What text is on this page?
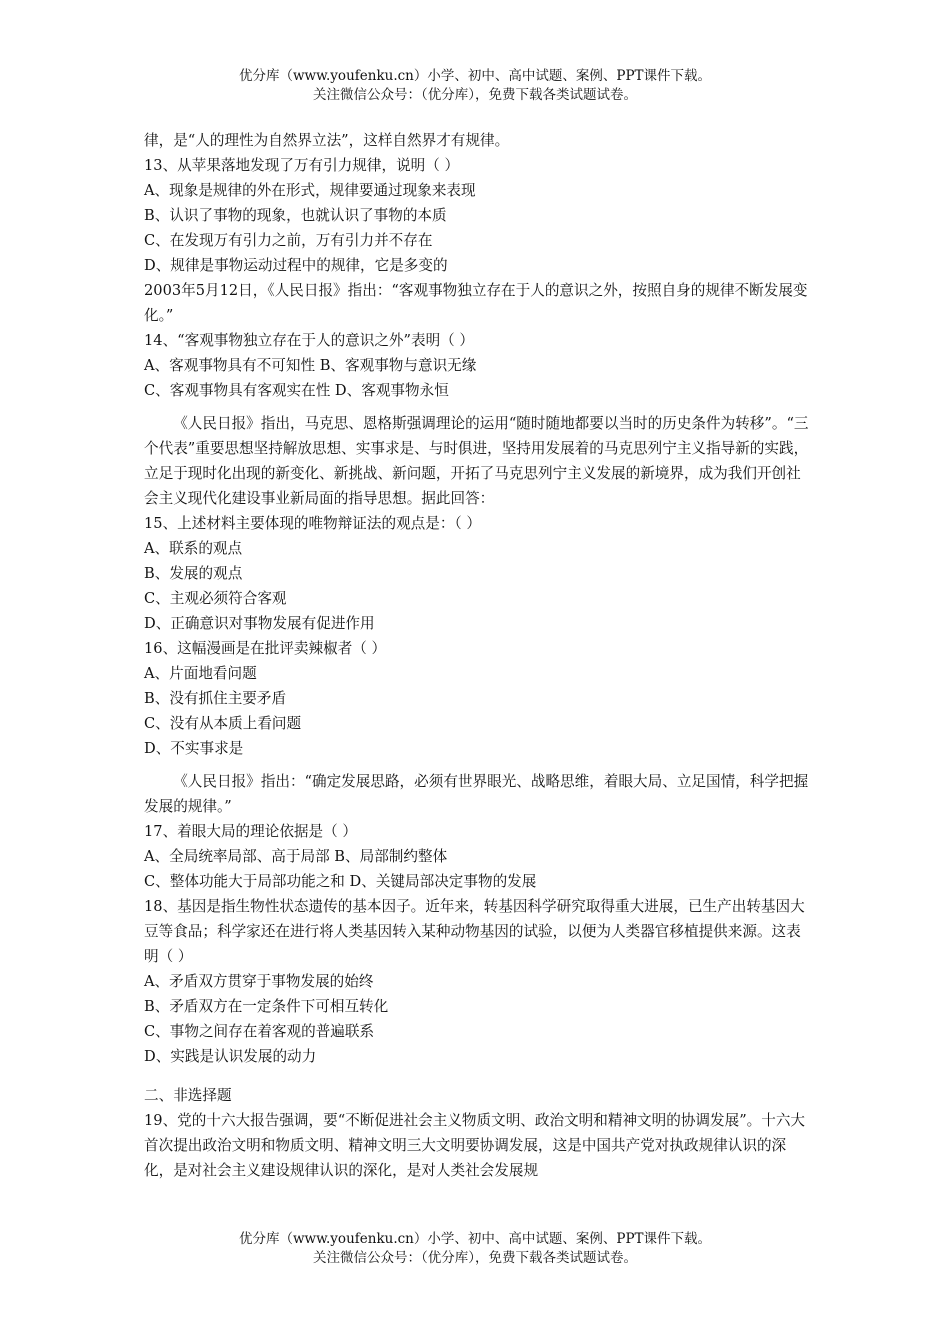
优分库（www.youfenku.cn）小学、初中、高中试题、案例、PPT课件下载。
关注微信公众号：（优分库），免费下载各类试题试卷。

律，是“人的理性为自然界立法”，这样自然界才有规律。

13、从苹果落地发现了万有引力规律，说明（ ）

A、现象是规律的外在形式，规律要通过现象来表现

B、认识了事物的现象，也就认识了事物的本质

C、在发现万有引力之前，万有引力并不存在

D、规律是事物运动过程中的规律，它是多变的

2003年5月12日，《人民日报》指出：“客观事物独立存在于人的意识之外，按照自身的规律不断发展变化。”

14、“客观事物独立存在于人的意识之外”表明（ ）

A、客观事物具有不可知性 B、客观事物与意识无缘

C、客观事物具有客观实在性 D、客观事物永恒

《人民日报》指出，马克思、恩格斯强调理论的运用“随时随地都要以当时的历史条件为转移”。“三个代表”重要思想坚持解放思想、实事求是、与时俱进，坚持用发展着的马克思列宁主义指导新的实践，立足于现时化出现的新变化、新挑战、新问题，开拓了马克思列宁主义发展的新境界，成为我们开创社会主义现代化建设事业新局面的指导思想。据此回答：

15、上述材料主要体现的唯物辩证法的观点是：（ ）

A、联系的观点

B、发展的观点

C、主观必须符合客观

D、正确意识对事物发展有促进作用

16、这幅漫画是在批评卖辣椒者（ ）

A、片面地看问题

B、没有抓住主要矛盾

C、没有从本质上看问题

D、不实事求是

《人民日报》指出：“确定发展思路，必须有世界眼光、战略思维，着眼大局、立足国情，科学把握发展的规律。”

17、着眼大局的理论依据是（ ）

A、全局统率局部、高于局部 B、局部制约整体

C、整体功能大于局部功能之和 D、关键局部决定事物的发展

18、基因是指生物性状态遗传的基本因子。近年来，转基因科学研究取得重大进展，已生产出转基因大豆等食品；科学家还在进行将人类基因转入某种动物基因的试验，以便为人类器官移植提供来源。这表明（ ）

A、矛盾双方贯穿于事物发展的始终

B、矛盾双方在一定条件下可相互转化

C、事物之间存在着客观的普遍联系

D、实践是认识发展的动力

二、非选择题

19、党的十六大报告强调，要“不断促进社会主义物质文明、政治文明和精神文明的协调发展”。十六大首次提出政治文明和物质文明、精神文明三大文明要协调发展，这是中国共产党对执政规律认识的深化，是对社会主义建设规律认识的深化，是对人类社会发展规

优分库（www.youfenku.cn）小学、初中、高中试题、案例、PPT课件下载。
关注微信公众号：（优分库），免费下载各类试题试卷。
